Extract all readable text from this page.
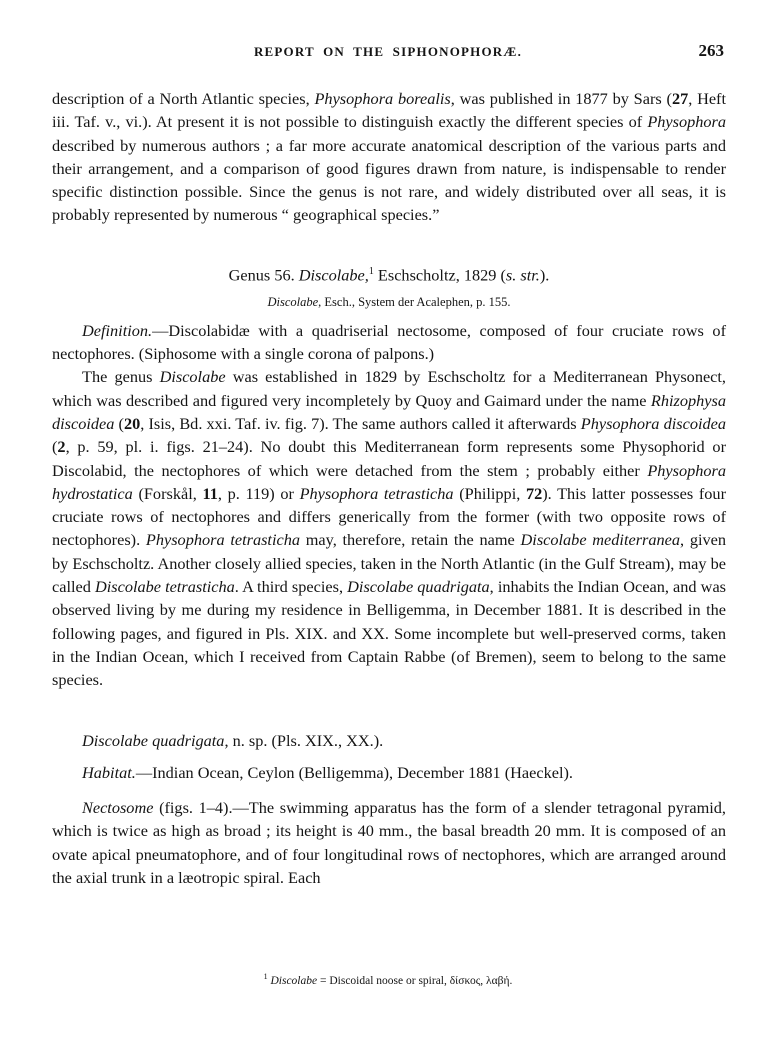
REPORT ON THE SIPHONOPHORÆ.	263

description of a North Atlantic species, Physophora borealis, was published in 1877 by Sars (27, Heft iii. Taf. v., vi.). At present it is not possible to distinguish exactly the different species of Physophora described by numerous authors ; a far more accurate anatomical description of the various parts and their arrangement, and a comparison of good figures drawn from nature, is indispensable to render specific distinction possible. Since the genus is not rare, and widely distributed over all seas, it is probably represented by numerous “ geographical species.”

Genus 56. Discolabe,$^1$ Eschscholtz, 1829 (s. str.).
Discolabe, Esch., System der Acalephen, p. 155.

Definition.—Discolabidæ with a quadriserial nectosome, composed of four cruciate rows of nectophores. (Siphosome with a single corona of palpons.)

The genus Discolabe was established in 1829 by Eschscholtz for a Mediterranean Physonect, which was described and figured very incompletely by Quoy and Gaimard under the name Rhizophysa discoidea (20, Isis, Bd. xxi. Taf. iv. fig. 7). The same authors called it afterwards Physophora discoidea (2, p. 59, pl. i. figs. 21–24). No doubt this Mediterranean form represents some Physophorid or Discolabid, the nectophores of which were detached from the stem ; probably either Physophora hydrostatica (Forskål, 11, p. 119) or Physophora tetrasticha (Philippi, 72). This latter possesses four cruciate rows of nectophores and differs generically from the former (with two opposite rows of nectophores). Physophora tetrasticha may, therefore, retain the name Discolabe mediterranea, given by Eschscholtz. Another closely allied species, taken in the North Atlantic (in the Gulf Stream), may be called Discolabe tetrasticha. A third species, Discolabe quadrigata, inhabits the Indian Ocean, and was observed living by me during my residence in Belligemma, in December 1881. It is described in the following pages, and figured in Pls. XIX. and XX. Some incomplete but well-preserved corms, taken in the Indian Ocean, which I received from Captain Rabbe (of Bremen), seem to belong to the same species.

Discolabe quadrigata, n. sp. (Pls. XIX., XX.).

Habitat.—Indian Ocean, Ceylon (Belligemma), December 1881 (Haeckel).

Nectosome (figs. 1–4).—The swimming apparatus has the form of a slender tetragonal pyramid, which is twice as high as broad ; its height is 40 mm., the basal breadth 20 mm. It is composed of an ovate apical pneumatophore, and of four longitudinal rows of nectophores, which are arranged around the axial trunk in a læotropic spiral. Each

$^1$ Discolabe = Discoidal noose or spiral, δίσκος, λαβή.
